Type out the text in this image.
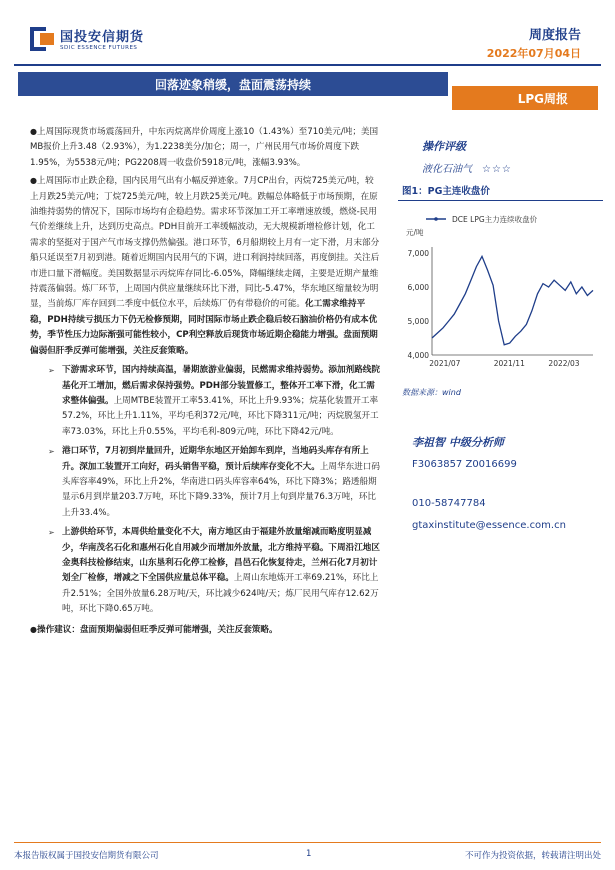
国投安信期货
SDIC ESSENCE FUTURES
周度报告
2022年07月04日
回落迹象稍缓，盘面震荡持续
LPG周报
●上周国际现货市场震荡回升，中东丙烷离岸价周度上涨10（1.43%）至710美元/吨；美国MB报价上升3.48（2.93%），为1.2238美分/加仑；周一，广州民用气市场价周度下跌1.95%，为5538元/吨；PG2208周一收盘价5918元/吨，涨幅3.93%。
●上周国际市止跌企稳，国内民用气出有小幅反弹迹象。7月CP出台，丙烷725美元/吨，较上月跌25美元/吨；丁烷725美元/吨，较上月跌25美元/吨。跌幅总体略低于市场预期，在原油维持弱势的情况下，国际市场均有企稳趋势。需求环节深加工开工率增速放缓，燃烧-民用气价差继续上升，达到历史高点。PDH目前开工率缓幅波动，无大规模新增检修计划，化工需求的坚挺对于国产气市场支撑仍然偏强。港口环节，6月船期较上月有一定下滑，月末部分船只延误至7月初到港。随着近期国内民用气的下调，进口利润持续回落，再度倒挂。关注后市进口量下滑幅度。美国数据显示丙烷库存同比-6.05%，降幅继续走阔，主要是近期产量维持震荡偏弱。炼厂环节，上周国内供应量继续环比下滑，同比-5.47%，华东地区缩量较为明显，当前炼厂库存回到二季度中低位水平，后续炼厂仍有带稳价的可能。化工需求维持平稳，PDH持续亏损压力下仍无检修预期，同时国际市场止跌企稳后较石脑油价格仍有成本优势，季节性压力边际渐强可能性较小，CP利空释放后现货市场近期企稳能力增强。盘面预期偏弱但肝季反弹可能增强，关注反套策略。
➢ 下游需求环节，国内持续高温，暑期旅游业偏弱，民燃需求维持弱势。添加剂路线院基化开工增加，燃后需求保持强势。PDH部分装置修工，整体开工率下滑，化工需求整体偏强。上周MTBE装置开工率53.41%，环比上升9.93%；烷基化装置开工率57.2%，环比上升1.11%，平均毛利372元/吨，环比下降311元/吨；丙烷脱氢开工率73.03%，环比上升0.55%，平均毛利-809元/吨，环比下降42元/吨。
➢ 港口环节，7月初到岸量回升，近期华东地区开始卸车到岸，当地码头库存有所上升。深加工装置开工向好，码头销售平稳，预计后续库存变化不大。上周华东进口码头库容率49%，环比上升2%，华南进口码头库容率64%，环比下降3%；路透船期显示6月到岸量203.7万吨，环比下降9.33%，预计7月上旬到岸量76.3万吨，环比上升33.4%。
➢ 上游供给环节，本周供给量变化不大，南方地区由于福建外放量缩减而略度明显减少，华南茂名石化和惠州石化自用减少而增加外放量，北方维持平稳。下周沿江地区金奥科技检修结束，山东垦利石化停工检修，昌邑石化恢复待走，兰州石化7月初计划全厂检修，增减之下全国供应量总体平稳。上周山东地炼开工率69.21%，环比上升2.51%；全国外放量6.28万吨/天，环比减少624吨/天；炼厂民用气库存12.62万吨，环比下降0.65万吨。
●操作建议：盘面预期偏弱但旺季反弹可能增强，关注反套策略。
操作评级
液化石油气 ☆☆☆
图1：PG主连收盘价
DCE LPG主力连续收盘价
元/吨
4,000
5,000
6,000
7,000
2021/07	2021/11	2022/03
数据来源：wind
李祖智 中级分析师
F3063857 Z0016699
010-58747784
gtaxinstitute@essence.com.cn
本报告版权属于国投安信期货有限公司	1	不可作为投资依据，转载请注明出处
